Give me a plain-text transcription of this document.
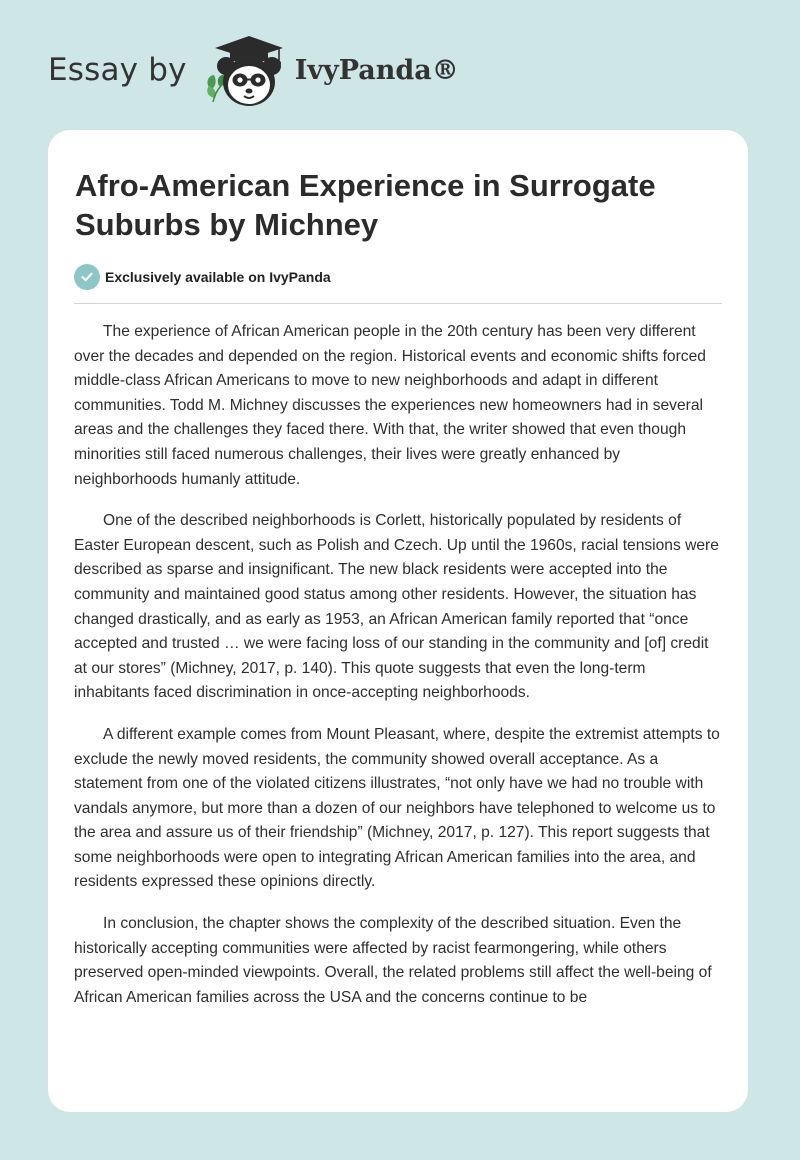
Essay by	IvyPanda®
Afro-American Experience in Surrogate Suburbs by Michney
Exclusively available on IvyPanda

The experience of African American people in the 20th century has been very different over the decades and depended on the region. Historical events and economic shifts forced middle-class African Americans to move to new neighborhoods and adapt in different communities. Todd M. Michney discusses the experiences new homeowners had in several areas and the challenges they faced there. With that, the writer showed that even though minorities still faced numerous challenges, their lives were greatly enhanced by neighborhoods humanly attitude.

One of the described neighborhoods is Corlett, historically populated by residents of Easter European descent, such as Polish and Czech. Up until the 1960s, racial tensions were described as sparse and insignificant. The new black residents were accepted into the community and maintained good status among other residents. However, the situation has changed drastically, and as early as 1953, an African American family reported that “once accepted and trusted … we were facing loss of our standing in the community and [of] credit at our stores” (Michney, 2017, p. 140). This quote suggests that even the long-term inhabitants faced discrimination in once-accepting neighborhoods.

A different example comes from Mount Pleasant, where, despite the extremist attempts to exclude the newly moved residents, the community showed overall acceptance. As a statement from one of the violated citizens illustrates, “not only have we had no trouble with vandals anymore, but more than a dozen of our neighbors have telephoned to welcome us to the area and assure us of their friendship” (Michney, 2017, p. 127). This report suggests that some neighborhoods were open to integrating African American families into the area, and residents expressed these opinions directly.

In conclusion, the chapter shows the complexity of the described situation. Even the historically accepting communities were affected by racist fearmongering, while others preserved open-minded viewpoints. Overall, the related problems still affect the well-being of African American families across the USA and the concerns continue to be
